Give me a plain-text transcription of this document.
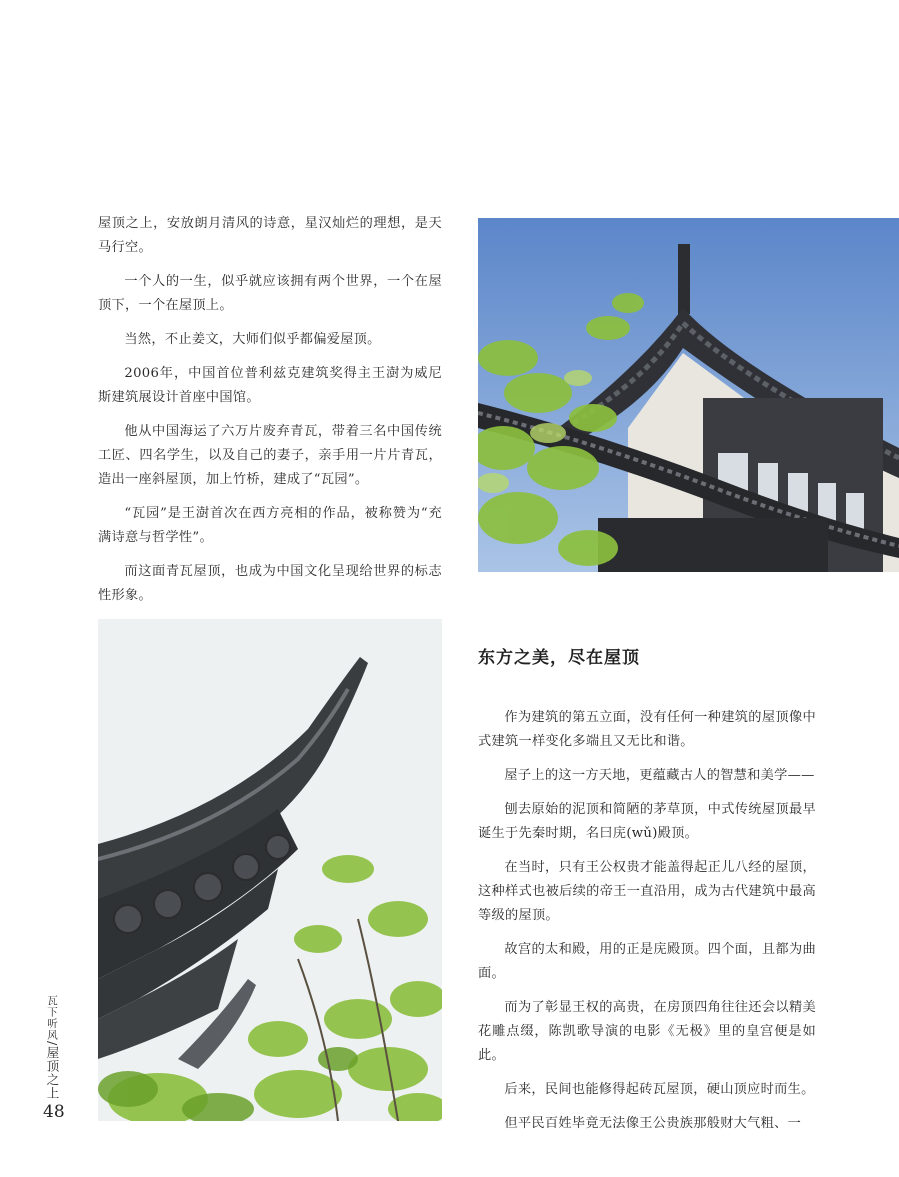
屋顶之上，安放朗月清风的诗意，星汉灿烂的理想，是天马行空。

一个人的一生，似乎就应该拥有两个世界，一个在屋顶下，一个在屋顶上。

当然，不止姜文，大师们似乎都偏爱屋顶。

2006年，中国首位普利兹克建筑奖得主王澍为威尼斯建筑展设计首座中国馆。

他从中国海运了六万片废弃青瓦，带着三名中国传统工匠、四名学生，以及自己的妻子，亲手用一片片青瓦，造出一座斜屋顶，加上竹桥，建成了“瓦园”。

“瓦园”是王澍首次在西方亮相的作品，被称赞为“充满诗意与哲学性”。

而这面青瓦屋顶，也成为中国文化呈现给世界的标志性形象。

东方之美，尽在屋顶

作为建筑的第五立面，没有任何一种建筑的屋顶像中式建筑一样变化多端且又无比和谐。

屋子上的这一方天地，更蕴藏古人的智慧和美学——

刨去原始的泥顶和简陋的茅草顶，中式传统屋顶最早诞生于先秦时期，名曰庑(wǔ)殿顶。

在当时，只有王公权贵才能盖得起正儿八经的屋顶，这种样式也被后续的帝王一直沿用，成为古代建筑中最高等级的屋顶。

故宫的太和殿，用的正是庑殿顶。四个面，且都为曲面。

而为了彰显王权的高贵，在房顶四角往往还会以精美花雕点缀，陈凯歌导演的电影《无极》里的皇宫便是如此。

后来，民间也能修得起砖瓦屋顶，硬山顶应时而生。

但平民百姓毕竟无法像王公贵族那般财大气粗、一

瓦下听风/屋顶之上
48
